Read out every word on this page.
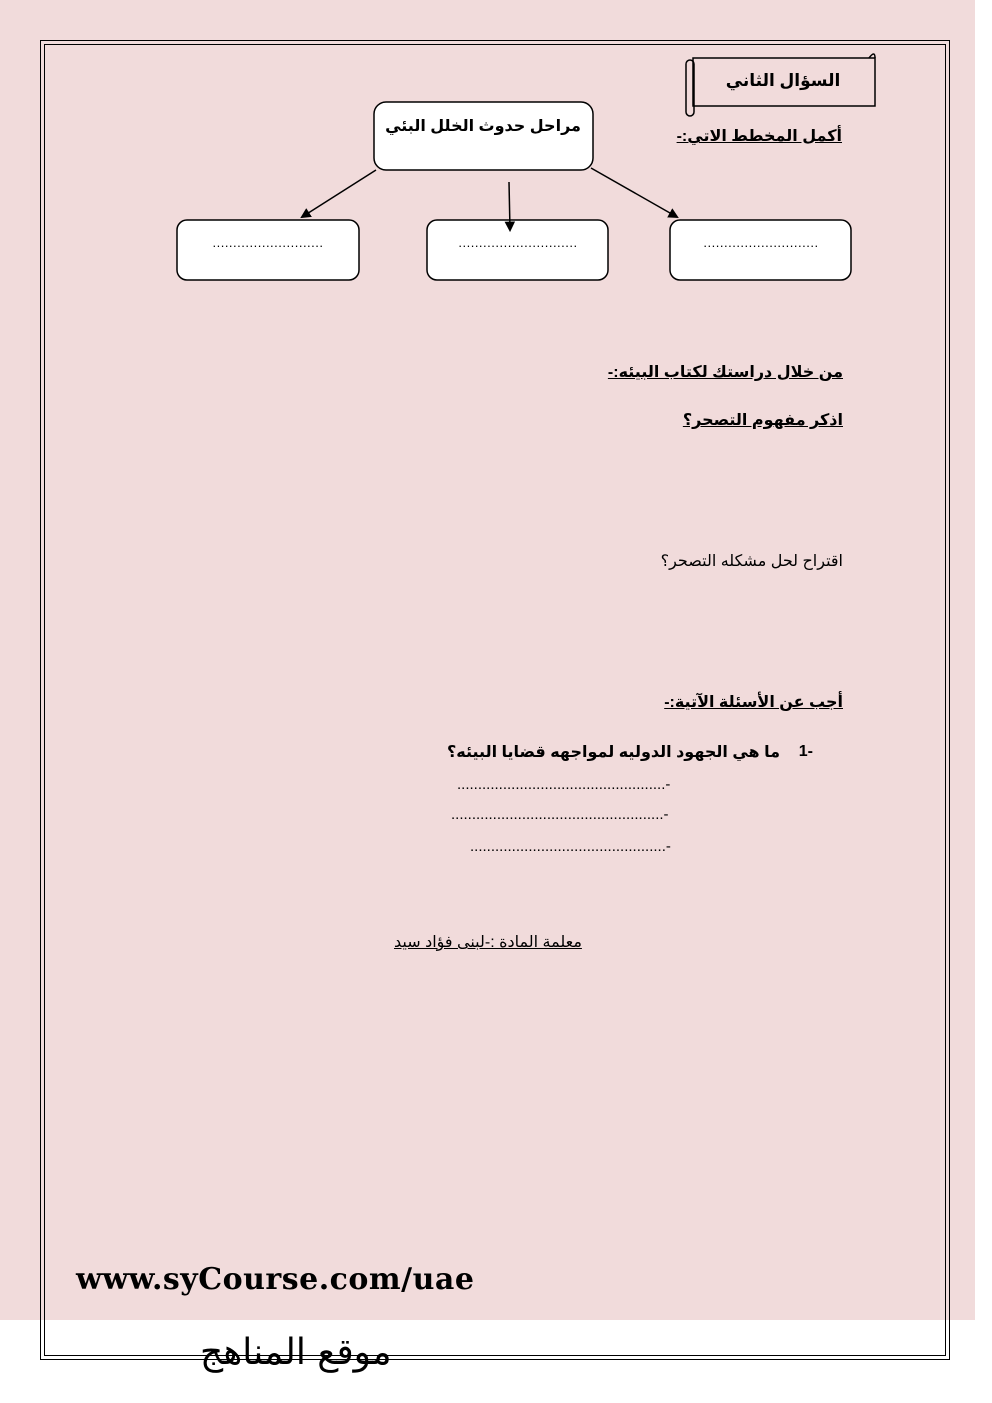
السؤال الثاني
أكمل المخطط الاتي:-
مراحل حدوث الخلل البئي
............................
.............................
...........................
من خلال دراستك لكتاب البيئه:-
اذكر مفهوم التصحر؟
اقتراح لحل مشكله التصحر؟
أجب عن الأسئلة الآتية:-
1-
ما هي الجهود الدوليه لمواجهه قضايا البيئه؟
..................................................-
...................................................-
...............................................-
معلمة المادة :-لبنى فؤاد سيد
www.syCourse.com/uae
موقع المناهج
